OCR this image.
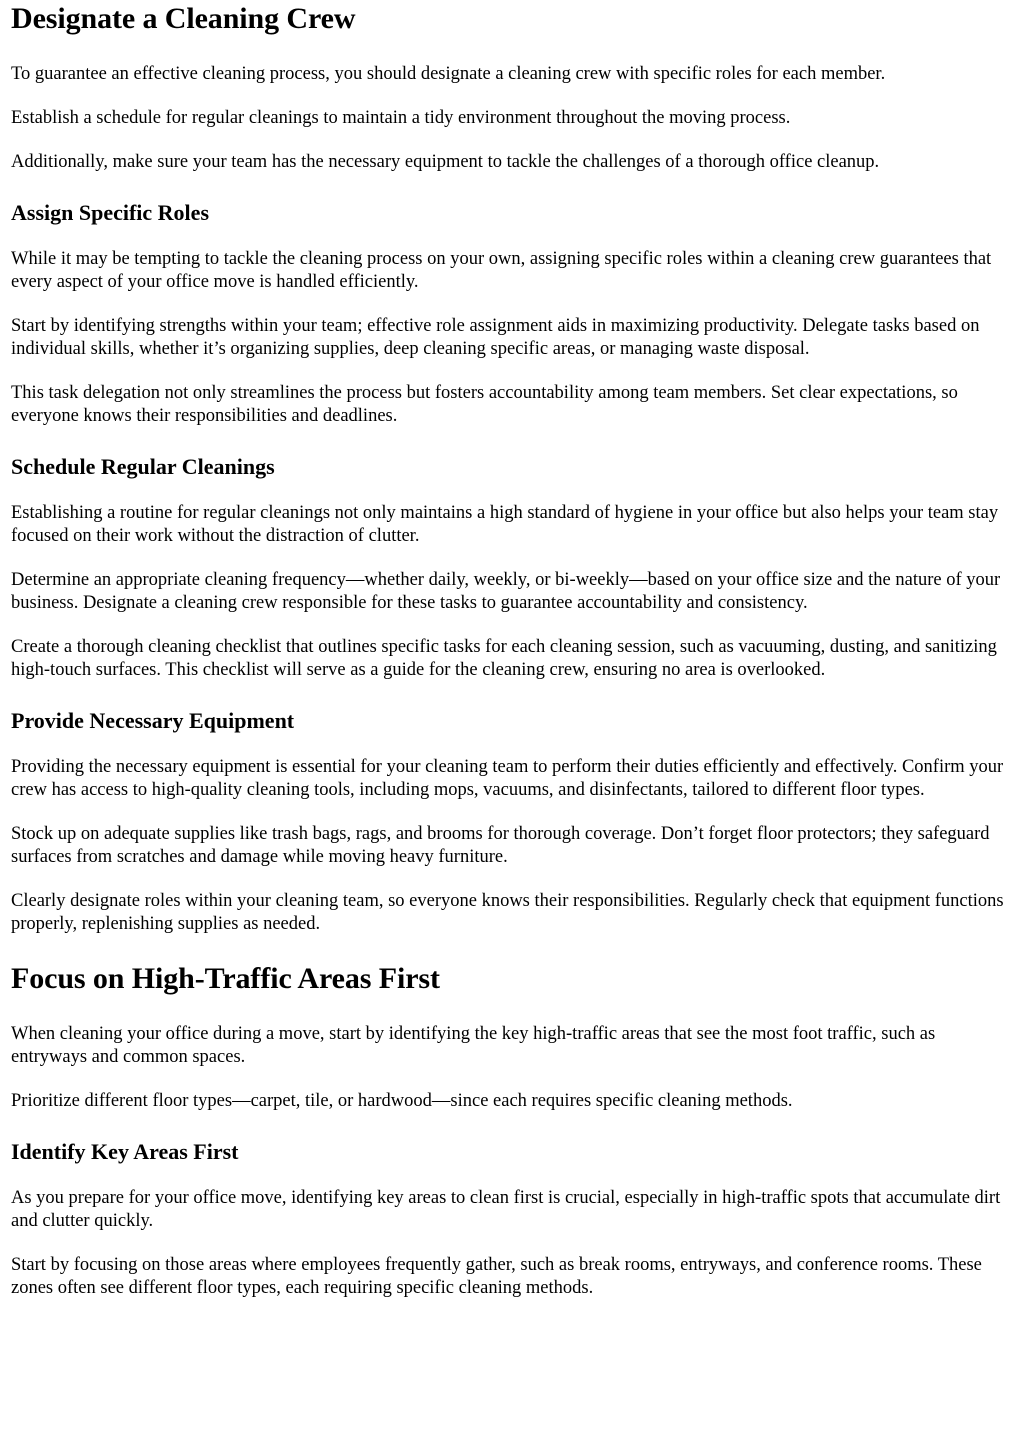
Designate a Cleaning Crew

To guarantee an effective cleaning process, you should designate a cleaning crew with specific roles for each member.

Establish a schedule for regular cleanings to maintain a tidy environment throughout the moving process.

Additionally, make sure your team has the necessary equipment to tackle the challenges of a thorough office cleanup.

Assign Specific Roles

While it may be tempting to tackle the cleaning process on your own, assigning specific roles within a cleaning crew guarantees that every aspect of your office move is handled efficiently.

Start by identifying strengths within your team; effective role assignment aids in maximizing productivity. Delegate tasks based on individual skills, whether it’s organizing supplies, deep cleaning specific areas, or managing waste disposal.

This task delegation not only streamlines the process but fosters accountability among team members. Set clear expectations, so everyone knows their responsibilities and deadlines.

Schedule Regular Cleanings

Establishing a routine for regular cleanings not only maintains a high standard of hygiene in your office but also helps your team stay focused on their work without the distraction of clutter.

Determine an appropriate cleaning frequency—whether daily, weekly, or bi-weekly—based on your office size and the nature of your business. Designate a cleaning crew responsible for these tasks to guarantee accountability and consistency.

Create a thorough cleaning checklist that outlines specific tasks for each cleaning session, such as vacuuming, dusting, and sanitizing high-touch surfaces. This checklist will serve as a guide for the cleaning crew, ensuring no area is overlooked.

Provide Necessary Equipment

Providing the necessary equipment is essential for your cleaning team to perform their duties efficiently and effectively. Confirm your crew has access to high-quality cleaning tools, including mops, vacuums, and disinfectants, tailored to different floor types.

Stock up on adequate supplies like trash bags, rags, and brooms for thorough coverage. Don’t forget floor protectors; they safeguard surfaces from scratches and damage while moving heavy furniture.

Clearly designate roles within your cleaning team, so everyone knows their responsibilities. Regularly check that equipment functions properly, replenishing supplies as needed.

Focus on High-Traffic Areas First

When cleaning your office during a move, start by identifying the key high-traffic areas that see the most foot traffic, such as entryways and common spaces.

Prioritize different floor types—carpet, tile, or hardwood—since each requires specific cleaning methods.

Identify Key Areas First

As you prepare for your office move, identifying key areas to clean first is crucial, especially in high-traffic spots that accumulate dirt and clutter quickly.

Start by focusing on those areas where employees frequently gather, such as break rooms, entryways, and conference rooms. These zones often see different floor types, each requiring specific cleaning methods.
